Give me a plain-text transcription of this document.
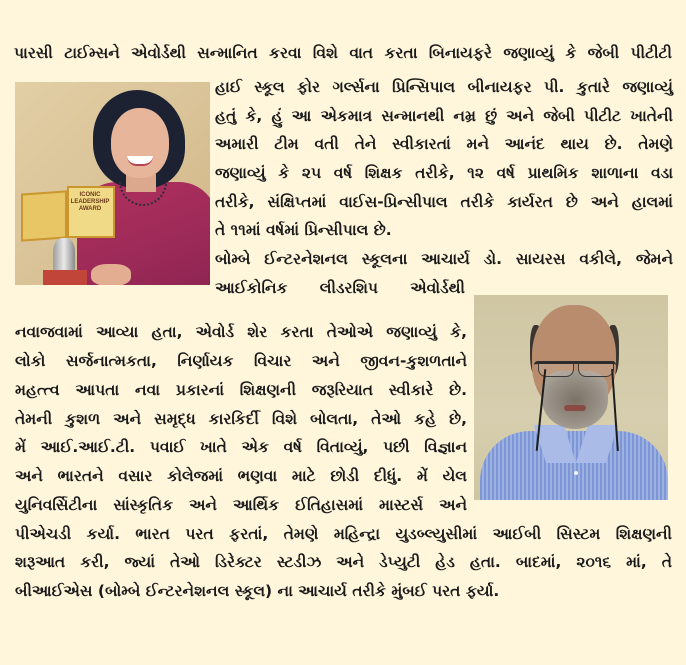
પારસી ટાઈમ્સને એવોર્ડથી સન્માનિત કરવા વિશે વાત કરતા બિનાયફરે જણાવ્યું કે જેબી પીટીટી
ICONIC
LEADERSHIP
AWARD
હાઈ સ્કૂલ ફોર ગર્લ્સના પ્રિન્સિપાલ બીનાયફર પી. કુતારે જણાવ્યું
હતું કે, હું આ એકમાત્ર સન્માનથી નમ્ર છું અને જેબી પીટીટ ખાતેની
અમારી ટીમ વતી તેને સ્વીકારતાં મને આનંદ થાય છે. તેમણે
જણાવ્યું કે ૨૫ વર્ષ શિક્ષક તરીકે, ૧૨ વર્ષ પ્રાથમિક શાળાના વડા
તરીકે, સંક્ષિપ્તમાં વાઈસ-પ્રિન્સીપાલ તરીકે કાર્યરત છે અને હાલમાં
તે ૧૧માં વર્ષમાં પ્રિન્સીપાલ છે.
બોમ્બે ઈન્ટરનેશનલ સ્કૂલના આચાર્ય ડો. સાયરસ વકીલે, જેમને
આઈકોનિક લીડરશિપ એવોર્ડથી
નવાજવામાં આવ્યા હતા, એવોર્ડ શેર કરતા તેઓએ જણાવ્યું કે,
લોકો સર્જનાત્મકતા, નિર્ણાયક વિચાર અને જીવન-કુશળતાને
મહત્ત્વ આપતા નવા પ્રકારનાં શિક્ષણની જરૂરિયાત સ્વીકારે છે.
તેમની કુશળ અને સમૃદ્ધ કારકિર્દી વિશે બોલતા, તેઓ કહે છે,
મેં આઈ.આઈ.ટી. પવાઈ ખાતે એક વર્ષ વિતાવ્યું, પછી વિજ્ઞાન
અને ભારતને વસાર કોલેજમાં ભણવા માટે છોડી દીધું. મેં યેલ
યુનિવર્સિટીના સાંસ્કૃતિક અને આર્થિક ઈતિહાસમાં માસ્ટર્સ અને
પીએચડી કર્યા. ભારત પરત ફરતાં, તેમણે મહિન્દ્રા યુડબ્લ્યુસીમાં આઈબી સિસ્ટમ શિક્ષણની
શરૂઆત કરી, જ્યાં તેઓ ડિરેક્ટર સ્ટડીઝ અને ડેપ્યુટી હેડ હતા. બાદમાં, ૨૦૧૬ માં, તે
બીઆઈએસ (બોમ્બે ઈન્ટરનેશનલ સ્કૂલ) ના આચાર્ય તરીકે મુંબઈ પરત ફર્યા.
